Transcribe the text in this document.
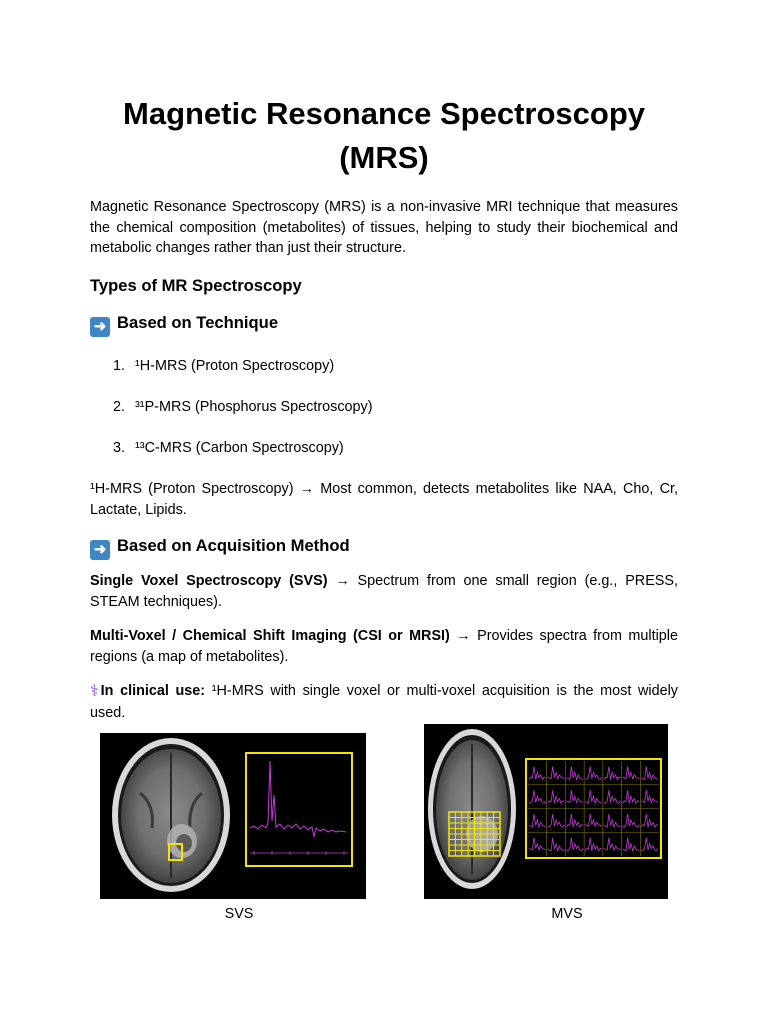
Magnetic Resonance Spectroscopy (MRS)

Magnetic Resonance Spectroscopy (MRS) is a non-invasive MRI technique that measures the chemical composition (metabolites) of tissues, helping to study their biochemical and metabolic changes rather than just their structure.

Types of MR Spectroscopy
➜ Based on Technique
1. ¹H-MRS (Proton Spectroscopy)
2. ³¹P-MRS (Phosphorus Spectroscopy)
3. ¹³C-MRS (Carbon Spectroscopy)

¹H-MRS (Proton Spectroscopy) → Most common, detects metabolites like NAA, Cho, Cr, Lactate, Lipids.

➜ Based on Acquisition Method

Single Voxel Spectroscopy (SVS) → Spectrum from one small region (e.g., PRESS, STEAM techniques).

Multi-Voxel / Chemical Shift Imaging (CSI or MRSI) → Provides spectra from multiple regions (a map of metabolites).

⚕ In clinical use: ¹H-MRS with single voxel or multi-voxel acquisition is the most widely used.

SVS	MVS
